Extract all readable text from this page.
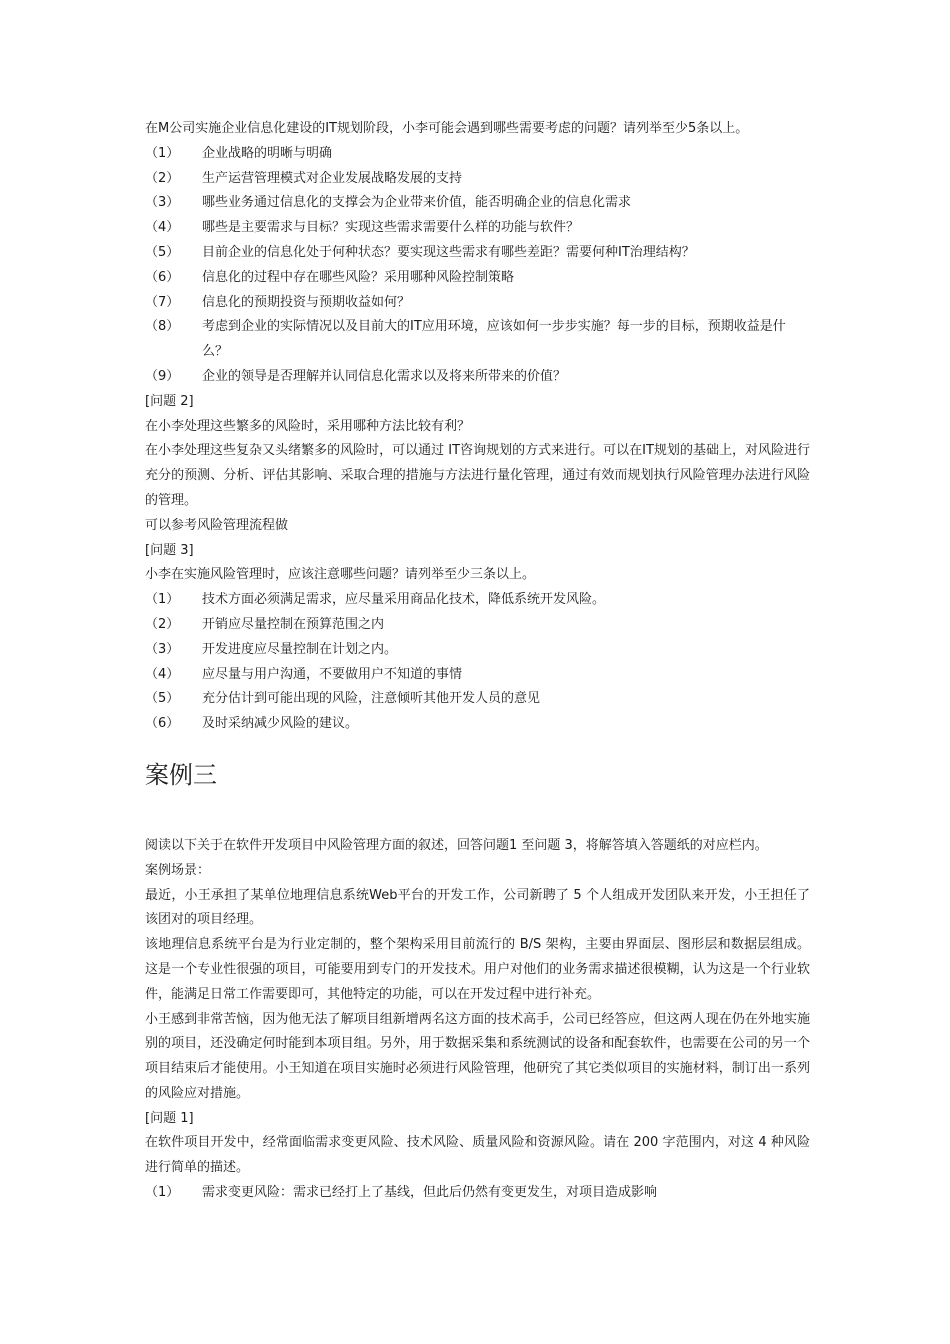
在M公司实施企业信息化建设的IT规划阶段，小李可能会遇到哪些需要考虑的问题？请列举至少5条以上。
（1） 企业战略的明晰与明确
（2） 生产运营管理模式对企业发展战略发展的支持
（3） 哪些业务通过信息化的支撑会为企业带来价值，能否明确企业的信息化需求
（4） 哪些是主要需求与目标？实现这些需求需要什么样的功能与软件？
（5） 目前企业的信息化处于何种状态？要实现这些需求有哪些差距？需要何种IT治理结构？
（6） 信息化的过程中存在哪些风险？采用哪种风险控制策略
（7） 信息化的预期投资与预期收益如何？
（8） 考虑到企业的实际情况以及目前大的IT应用环境，应该如何一步步实施？每一步的目标，预期收益是什么？
（9） 企业的领导是否理解并认同信息化需求以及将来所带来的价值？
[问题 2]
在小李处理这些繁多的风险时，采用哪种方法比较有利？
在小李处理这些复杂又头绪繁多的风险时，可以通过 IT咨询规划的方式来进行。可以在IT规划的基础上，对风险进行充分的预测、分析、评估其影响、采取合理的措施与方法进行量化管理，通过有效而规划执行风险管理办法进行风险的管理。
可以参考风险管理流程做
[问题 3]
小李在实施风险管理时，应该注意哪些问题？请列举至少三条以上。
（1） 技术方面必须满足需求，应尽量采用商品化技术，降低系统开发风险。
（2） 开销应尽量控制在预算范围之内
（3） 开发进度应尽量控制在计划之内。
（4） 应尽量与用户沟通，不要做用户不知道的事情
（5） 充分估计到可能出现的风险，注意倾听其他开发人员的意见
（6） 及时采纳减少风险的建议。
案例三
阅读以下关于在软件开发项目中风险管理方面的叙述，回答问题1 至问题 3，将解答填入答题纸的对应栏内。
案例场景：
最近，小王承担了某单位地理信息系统Web平台的开发工作，公司新聘了 5 个人组成开发团队来开发，小王担任了该团对的项目经理。
该地理信息系统平台是为行业定制的，整个架构采用目前流行的 B/S 架构，主要由界面层、图形层和数据层组成。这是一个专业性很强的项目，可能要用到专门的开发技术。用户对他们的业务需求描述很模糊，认为这是一个行业软件，能满足日常工作需要即可，其他特定的功能，可以在开发过程中进行补充。
小王感到非常苦恼，因为他无法了解项目组新增两名这方面的技术高手，公司已经答应，但这两人现在仍在外地实施别的项目，还没确定何时能到本项目组。另外，用于数据采集和系统测试的设备和配套软件，也需要在公司的另一个项目结束后才能使用。小王知道在项目实施时必须进行风险管理，他研究了其它类似项目的实施材料，制订出一系列的风险应对措施。
[问题 1]
在软件项目开发中，经常面临需求变更风险、技术风险、质量风险和资源风险。请在 200 字范围内，对这 4 种风险进行简单的描述。
（1） 需求变更风险：需求已经打上了基线，但此后仍然有变更发生，对项目造成影响
